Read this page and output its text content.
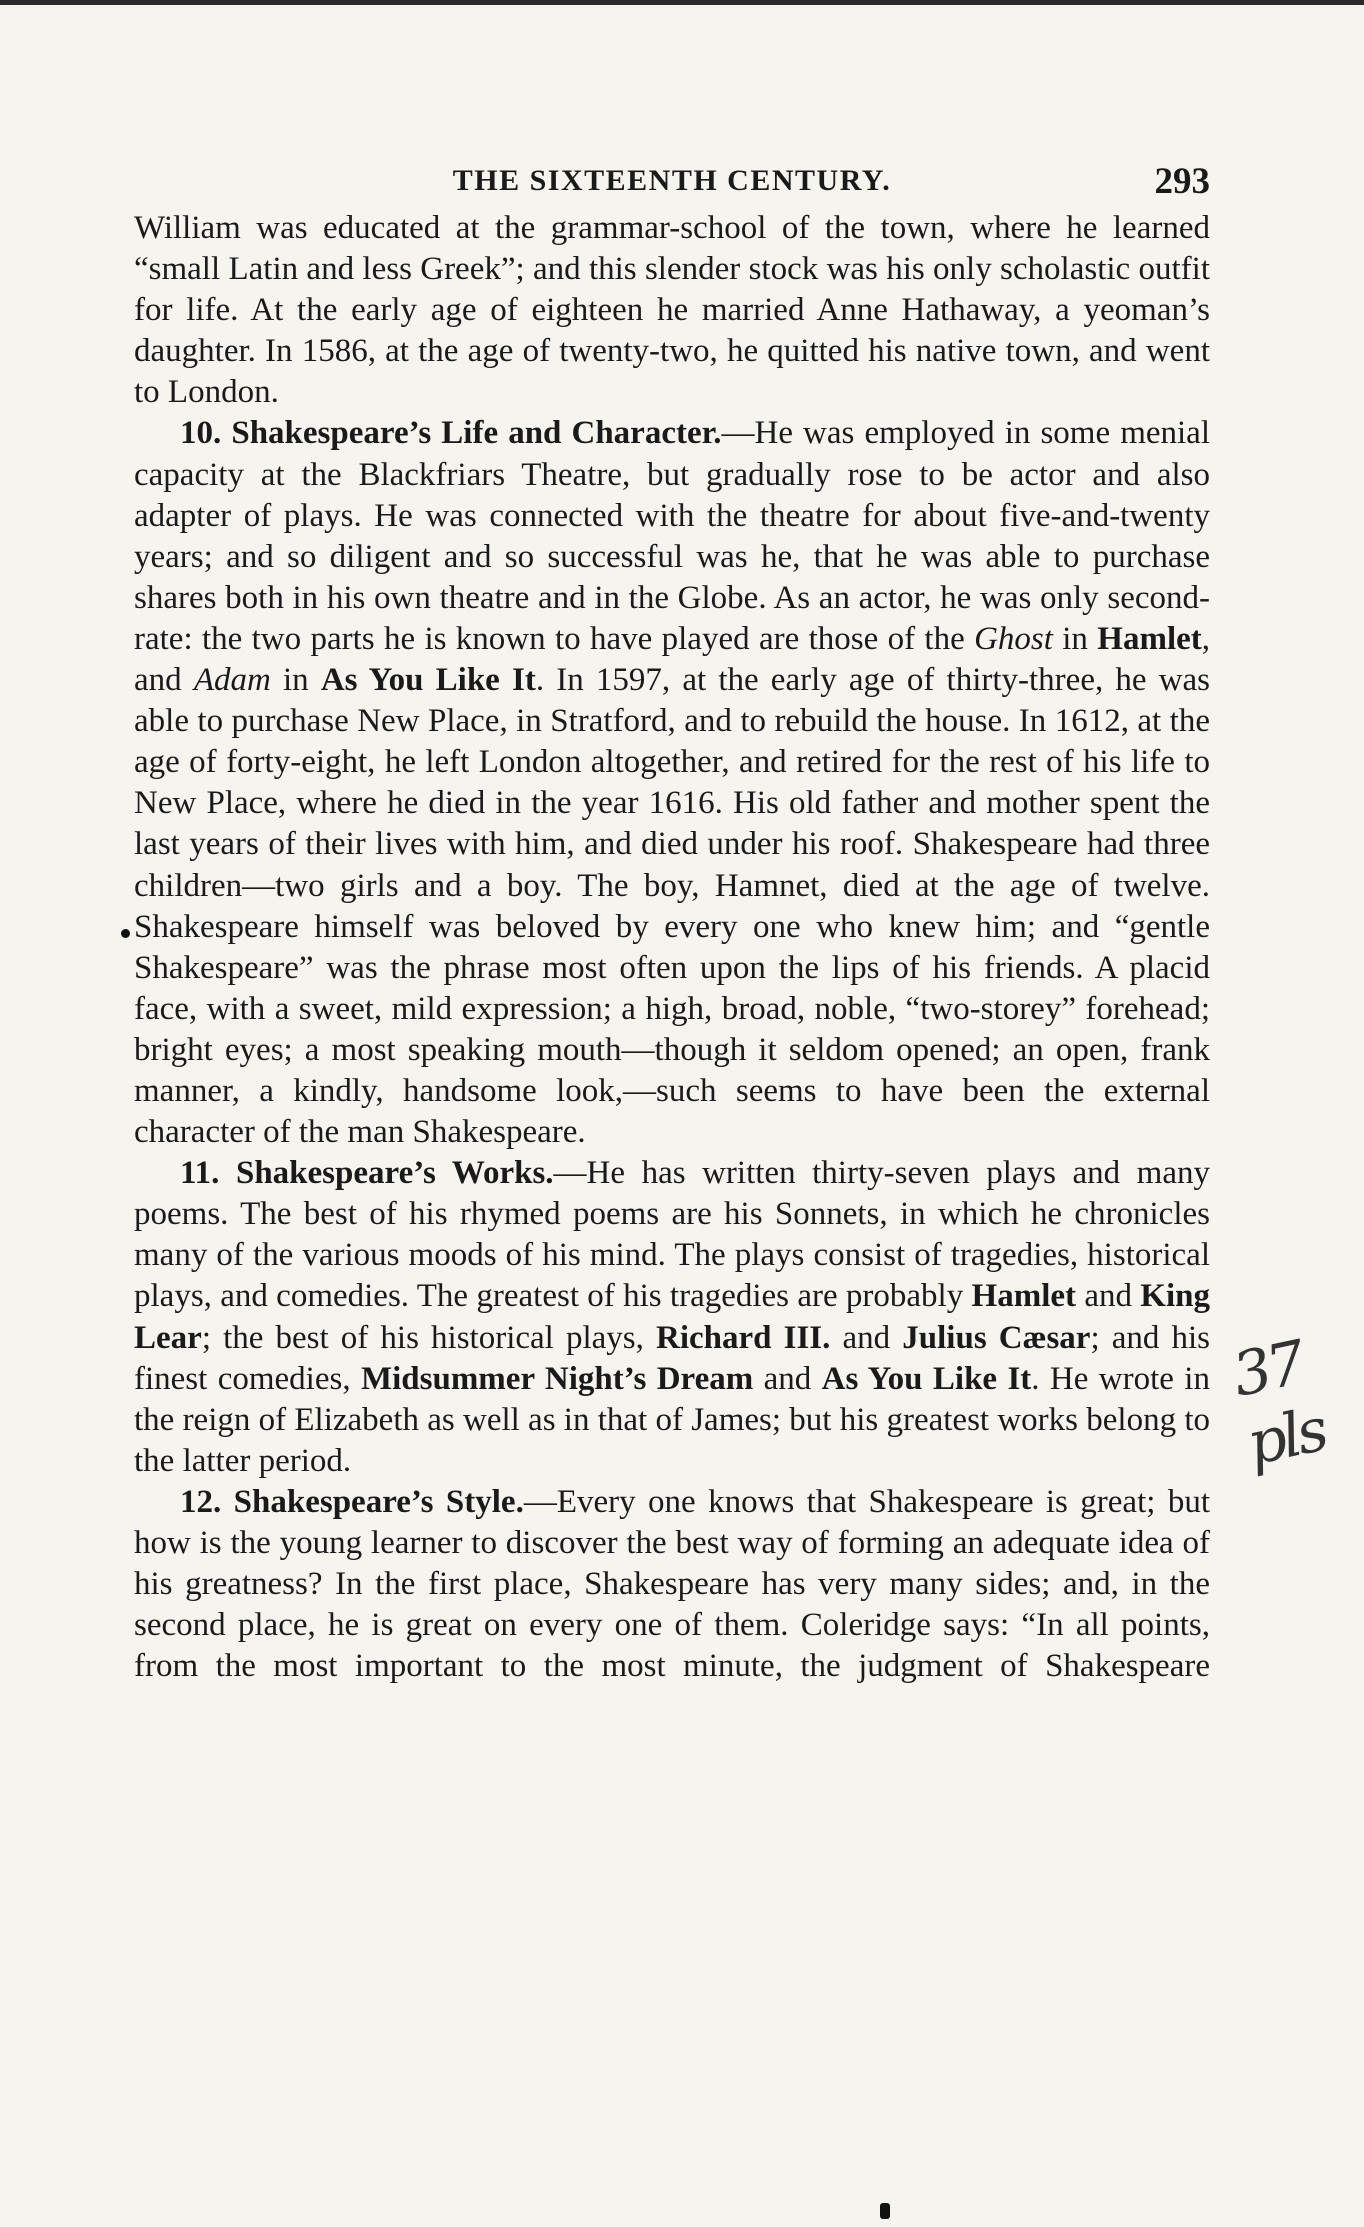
THE SIXTEENTH CENTURY.	293

William was educated at the grammar-school of the town, where he learned “small Latin and less Greek”; and this slender stock was his only scholastic outfit for life. At the early age of eighteen he married Anne Hathaway, a yeoman’s daughter. In 1586, at the age of twenty-two, he quitted his native town, and went to London.

10. Shakespeare’s Life and Character.—He was employed in some menial capacity at the Blackfriars Theatre, but gradually rose to be actor and also adapter of plays. He was connected with the theatre for about five-and-twenty years; and so diligent and so successful was he, that he was able to purchase shares both in his own theatre and in the Globe. As an actor, he was only second-rate: the two parts he is known to have played are those of the Ghost in Hamlet, and Adam in As You Like It. In 1597, at the early age of thirty-three, he was able to purchase New Place, in Stratford, and to rebuild the house. In 1612, at the age of forty-eight, he left London altogether, and retired for the rest of his life to New Place, where he died in the year 1616. His old father and mother spent the last years of their lives with him, and died under his roof. Shakespeare had three children—two girls and a boy. The boy, Hamnet, died at the age of twelve. Shakespeare himself was beloved by every one who knew him; and “gentle Shakespeare” was the phrase most often upon the lips of his friends. A placid face, with a sweet, mild expression; a high, broad, noble, “two-storey” forehead; bright eyes; a most speaking mouth—though it seldom opened; an open, frank manner, a kindly, handsome look,—such seems to have been the external character of the man Shakespeare.

11. Shakespeare’s Works.—He has written thirty-seven plays and many poems. The best of his rhymed poems are his Sonnets, in which he chronicles many of the various moods of his mind. The plays consist of tragedies, historical plays, and comedies. The greatest of his tragedies are probably Hamlet and King Lear; the best of his historical plays, Richard III. and Julius Cæsar; and his finest comedies, Midsummer Night’s Dream and As You Like It. He wrote in the reign of Elizabeth as well as in that of James; but his greatest works belong to the latter period.

12. Shakespeare’s Style.—Every one knows that Shakespeare is great; but how is the young learner to discover the best way of forming an adequate idea of his greatness? In the first place, Shakespeare has very many sides; and, in the second place, he is great on every one of them. Coleridge says: “In all points, from the most important to the most minute, the judgment of Shakespeare

37 pls
